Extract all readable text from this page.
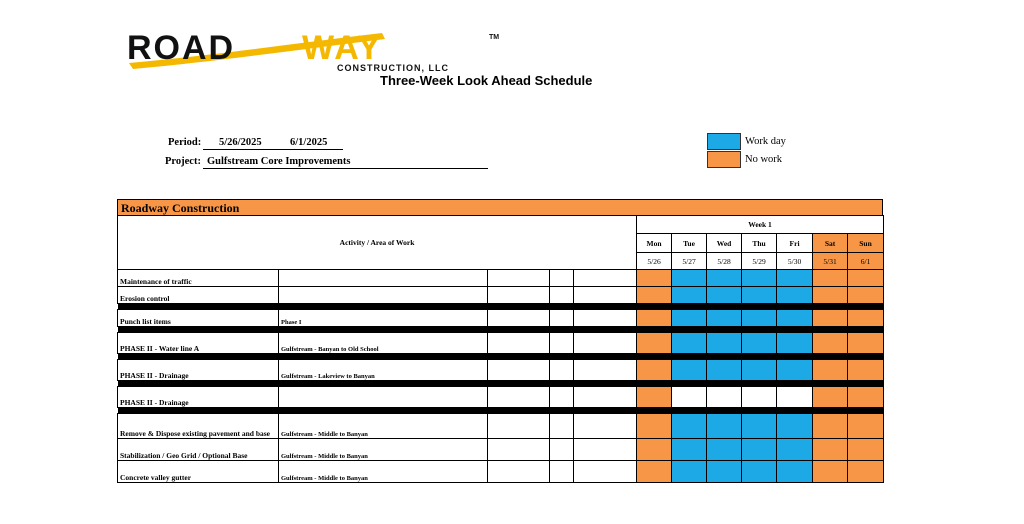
ROAD WAY	TM
CONSTRUCTION, LLC
Three-Week Look Ahead Schedule
Period: 5/26/2025	6/1/2025
Project: Gulfstream Core Improvements
Work day
No work
Roadway Construction
Activity / Area of Work					Week 1						
					Mon	Tue	Wed	Thu	Fri	Sat	Sun
					5/26	5/27	5/28	5/29	5/30	5/31	6/1
Maintenance of traffic											
Erosion control											

Punch list items	Phase I										

PHASE II - Water line A	Gulfstream - Banyan to Old School										

PHASE II - Drainage	Gulfstream - Lakeview to Banyan										

PHASE II - Drainage											

Remove & Dispose existing pavement and base	Gulfstream - Middle to Banyan										
Stabilization / Geo Grid / Optional Base	Gulfstream - Middle to Banyan										
Concrete valley gutter	Gulfstream - Middle to Banyan										
